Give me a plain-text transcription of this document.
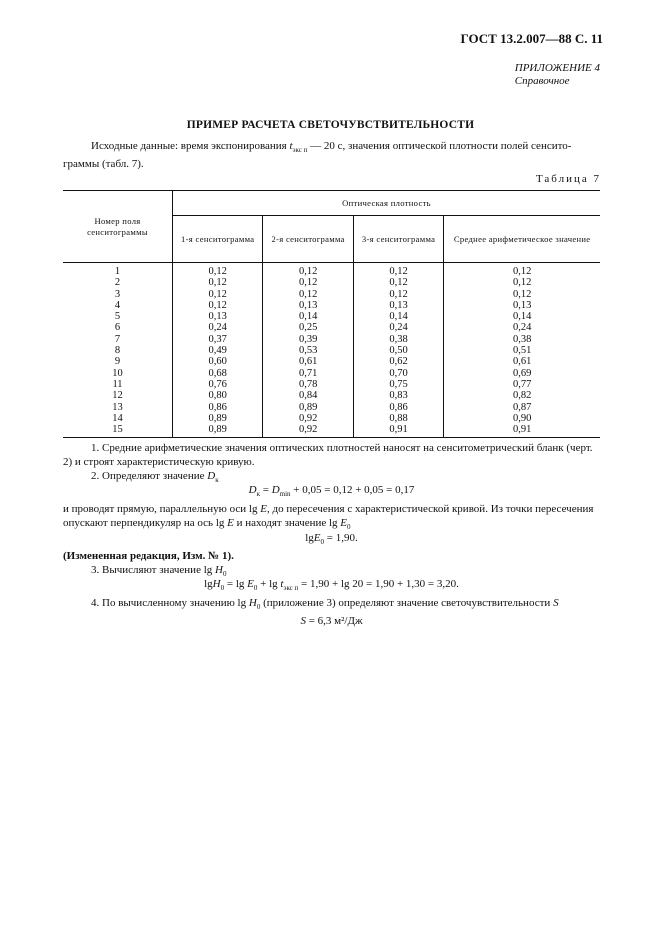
ГОСТ 13.2.007—88 С. 11
ПРИЛОЖЕНИЕ 4
Справочное
ПРИМЕР РАСЧЕТА СВЕТОЧУВСТВИТЕЛЬНОСТИ

Исходные данные: время экспонирования $t_{экс п}$ — 20 с, значения оптической плотности полей сенсито-граммы (табл. 7).

Таблица 7
Номер поля сенситограммы	Оптическая плотность			
	1-я сенситограмма	2-я сенситограмма	3-я сенситограмма	Среднее арифметическое значение
1	0,12	0,12	0,12	0,12
2	0,12	0,12	0,12	0,12
3	0,12	0,12	0,12	0,12
4	0,12	0,13	0,13	0,13
5	0,13	0,14	0,14	0,14
6	0,24	0,25	0,24	0,24
7	0,37	0,39	0,38	0,38
8	0,49	0,53	0,50	0,51
9	0,60	0,61	0,62	0,61
10	0,68	0,71	0,70	0,69
11	0,76	0,78	0,75	0,77
12	0,80	0,84	0,83	0,82
13	0,86	0,89	0,86	0,87
14	0,89	0,92	0,88	0,90
15	0,89	0,92	0,91	0,91

1. Средние арифметические значения оптических плотностей наносят на сенситометрический бланк (черт. 2) и строят характеристическую кривую.

2. Определяют значение $D_к$

$D_к = D_{min} + 0,05 = 0,12 + 0,05 = 0,17$

и проводят прямую, параллельную оси lg E, до пересечения с характеристической кривой. Из точки пересечения опускают перпендикуляр на ось lg E и находят значение $\lg E_0$

lgE$_0$ = 1,90.

(Измененная редакция, Изм. № 1).

3. Вычисляют значение $\lg H_0$

$\lg H_0 = \lg E_0 + \lg t_{экс п} = 1,90 + \lg 20 = 1,90 + 1,30 = 3,20$.

4. По вычисленному значению $\lg H_0$ (приложение 3) определяют значение светочувствительности S

S = 6,3 м²/Дж
